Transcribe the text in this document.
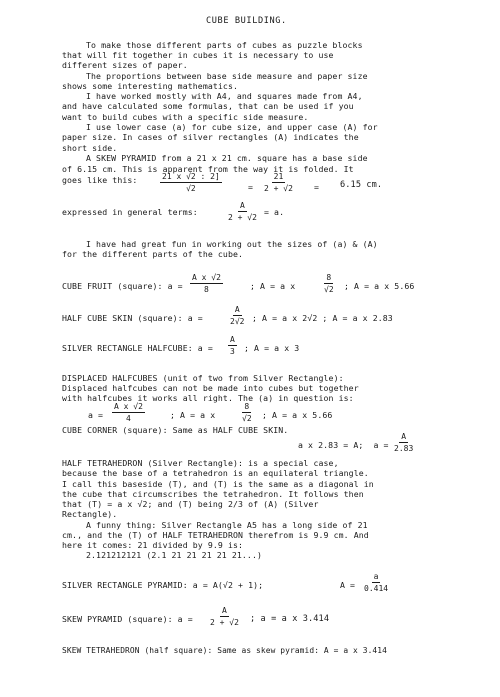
CUBE BUILDING.
To make those different parts of cubes as puzzle blocks
that will fit together in cubes it is necessary to use
different sizes of paper.
The proportions between base side measure and paper size
shows some interesting mathematics.
I have worked mostly with A4, and squares made from A4,
and have calculated some formulas, that can be used if you
want to build cubes with a specific side measure.
I use lower case (a) for cube size, and upper case (A) for
paper size. In cases of silver rectangles (A) indicates the
short side.
A SKEW PYRAMID from a 21 x 21 cm. square has a base side
of 6.15 cm. This is apparent from the way it is folded. It
goes like this:	$\frac{21 x √2 : 2]}{√2}$	= $\frac{21}{2 + √2} = 6.15$ cm.
expressed in general terms:	$\frac{A}{2 + √2} = a$.
I have had great fun in working out the sizes of (a) & (A)
for the different parts of the cube.
CUBE FRUIT (square): $a = \frac{\text{A x √2}}{8}$	; A = a x	$\frac{8}{√2}$ ; A = a x 5.66
HALF CUBE SKIN (square): a =	$\frac{A}{2√2}$ ; A = a x 2√2 ; A = a x 2.83
SILVER RECTANGLE HALFCUBE: $a = \frac{A}{3}$ ; A = a x 3
DISPLACED HALFCUBES (unit of two from Silver Rectangle):
Displaced halfcubes can not be made into cubes but together
with halfcubes it works all right. The (a) in question is:
$a = \frac{\text{A x √2}}{4}$	; A = a x	$\frac{8}{√2}$ ; A = a x 5.66
CUBE CORNER (square): Same as HALF CUBE SKIN.
a x 2.83 = A;  $a = \frac{A}{2.83}$
HALF TETRAHEDRON (Silver Rectangle): is a special case,
because the base of a tetrahedron is an equilateral triangle.
I call this basesidе (T), and (T) is the same as a diagonal in
the cube that circumscribes the tetrahedron. It follows then
that (T) = a x √2; and (T) being 2/3 of (A) (Silver
Rectangle).
A funny thing: Silver Rectangle A5 has a long side of 21
cm., and the (T) of HALF TETRAHEDRON therefrom is 9.9 cm. And
here it comes: 21 divided by 9.9 is:
2.121212121 (2.1 21 21 21 21 21...)
SILVER RECTANGLE PYRAMID: a = A(√2 + 1);	$A = \frac{a}{0.414}$
SKEW PYRAMID (square): $a = \frac{A}{2 + √2}$ ; a = a x 3.414
SKEW TETRAHEDRON (half square): Same as skew pyramid: A = a x 3.414
